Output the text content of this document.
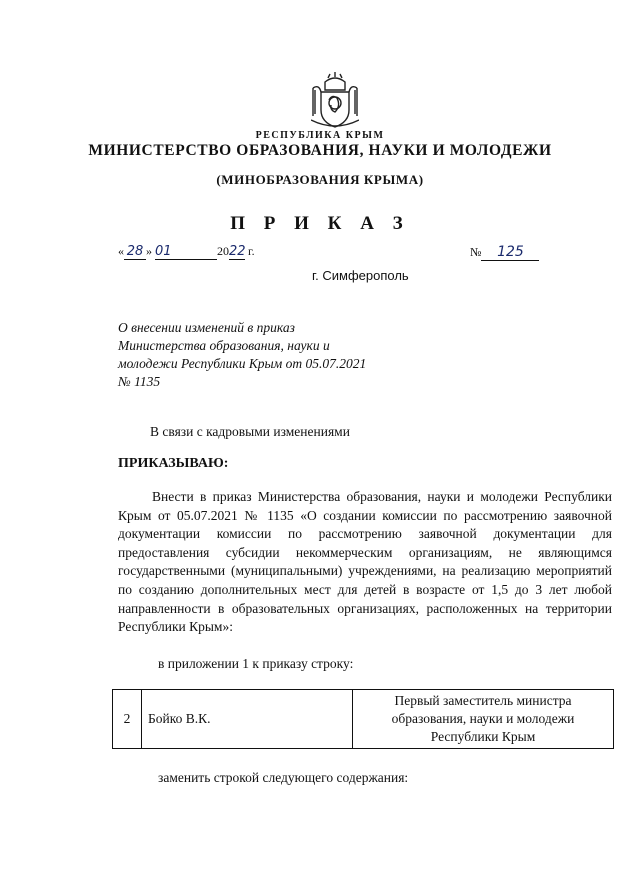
РЕСПУБЛИКА КРЫМ
МИНИСТЕРСТВО ОБРАЗОВАНИЯ, НАУКИ И МОЛОДЕЖИ
(МИНОБРАЗОВАНИЯ КРЫМА)
П Р И К А З
« 28 » 01	2022 г.	№ 125
г. Симферополь
О внесении изменений в приказ Министерства образования, науки и молодежи Республики Крым от 05.07.2021 № 1135
В связи с кадровыми изменениями
ПРИКАЗЫВАЮ:
Внести в приказ Министерства образования, науки и молодежи Республики Крым от 05.07.2021 № 1135 «О создании комиссии по рассмотрению заявочной документации комиссии по рассмотрению заявочной документации для предоставления субсидии некоммерческим организациям, не являющимся государственными (муниципальными) учреждениями, на реализацию мероприятий по созданию дополнительных мест для детей в возрасте от 1,5 до 3 лет любой направленности в образовательных организациях, расположенных на территории Республики Крым»:
в приложении 1 к приказу строку:
2	Бойко В.К.	Первый заместитель министра образования, науки и молодежи Республики Крым
заменить строкой следующего содержания:
